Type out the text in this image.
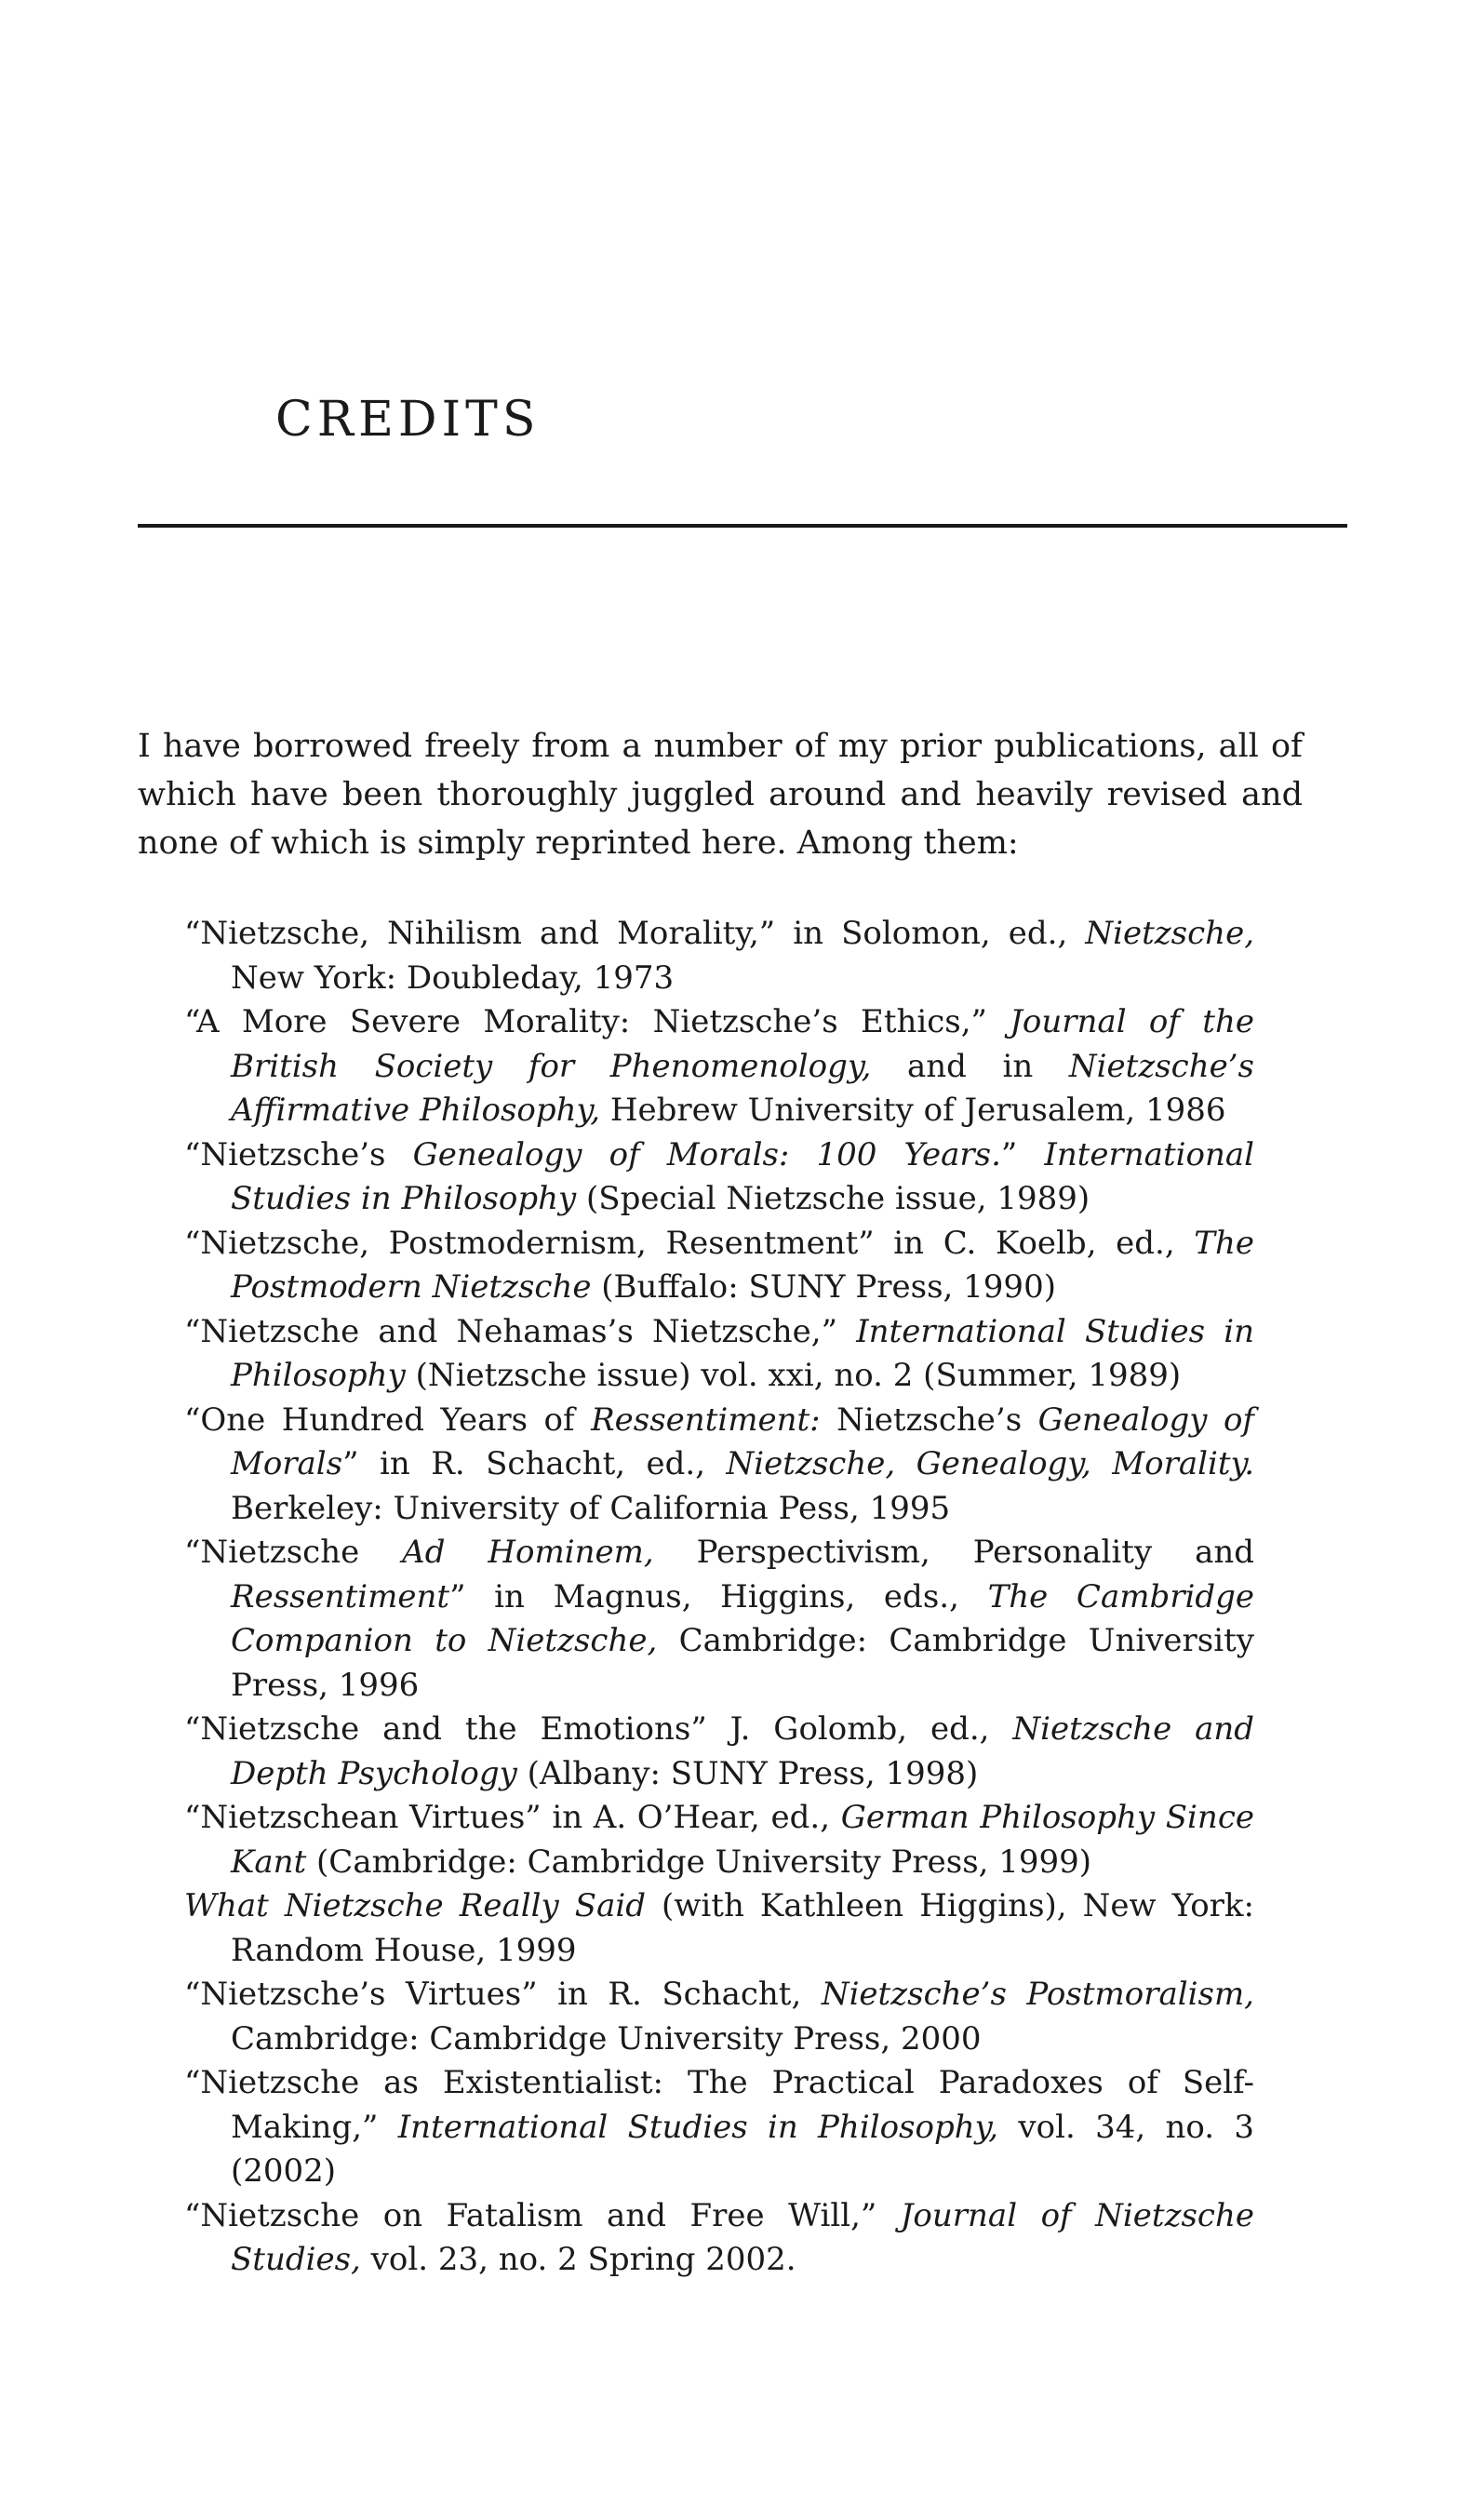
CREDITS

I have borrowed freely from a number of my prior publications, all of which have been thoroughly juggled around and heavily revised and none of which is simply reprinted here. Among them:

“Nietzsche, Nihilism and Morality,” in Solomon, ed., Nietzsche, New York: Doubleday, 1973
“A More Severe Morality: Nietzsche’s Ethics,” Journal of the British Society for Phenomenology, and in Nietzsche’s Affirmative Philosophy, Hebrew University of Jerusalem, 1986
“Nietzsche’s Genealogy of Morals: 100 Years.” International Studies in Philosophy (Special Nietzsche issue, 1989)
“Nietzsche, Postmodernism, Resentment” in C. Koelb, ed., The Postmodern Nietzsche (Buffalo: SUNY Press, 1990)
“Nietzsche and Nehamas’s Nietzsche,” International Studies in Philosophy (Nietzsche issue) vol. xxi, no. 2 (Summer, 1989)
“One Hundred Years of Ressentiment: Nietzsche’s Genealogy of Morals” in R. Schacht, ed., Nietzsche, Genealogy, Morality. Berkeley: University of California Pess, 1995
“Nietzsche Ad Hominem, Perspectivism, Personality and Ressentiment” in Magnus, Higgins, eds., The Cambridge Companion to Nietzsche, Cambridge: Cambridge University Press, 1996
“Nietzsche and the Emotions” J. Golomb, ed., Nietzsche and Depth Psychology (Albany: SUNY Press, 1998)
“Nietzschean Virtues” in A. O’Hear, ed., German Philosophy Since Kant (Cambridge: Cambridge University Press, 1999)
What Nietzsche Really Said (with Kathleen Higgins), New York: Random House, 1999
“Nietzsche’s Virtues” in R. Schacht, Nietzsche’s Postmoralism, Cambridge: Cambridge University Press, 2000
“Nietzsche as Existentialist: The Practical Paradoxes of Self-Making,” International Studies in Philosophy, vol. 34, no. 3 (2002)
“Nietzsche on Fatalism and Free Will,” Journal of Nietzsche Studies, vol. 23, no. 2 Spring 2002.
